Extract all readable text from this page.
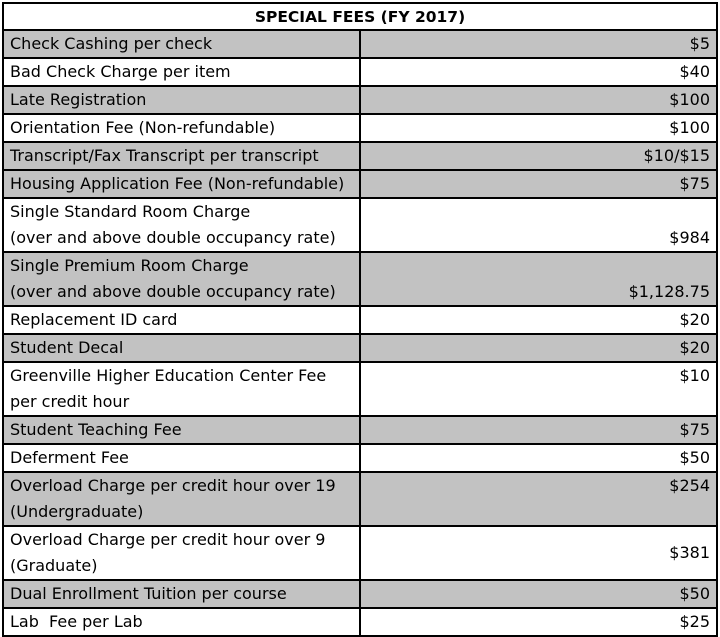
SPECIAL FEES (FY 2017)	
Check Cashing per check	$5
Bad Check Charge per item	$40
Late Registration	$100
Orientation Fee (Non-refundable)	$100
Transcript/Fax Transcript per transcript	$10/$15
Housing Application Fee (Non-refundable)	$75

Single Standard Room Charge
(over and above double occupancy rate)	$984

Single Premium Room Charge
(over and above double occupancy rate)	$1,128.75
Replacement ID card	$20
Student Decal	$20
Greenville Higher Education Center Fee per credit hour	$10
Student Teaching Fee	$75
Deferment Fee	$50

Overload Charge per credit hour over 19
(Undergraduate)	$254
Overload Charge per credit hour over 9 (Graduate)	$381
Dual Enrollment Tuition per course	$50
Lab  Fee per Lab	$25
